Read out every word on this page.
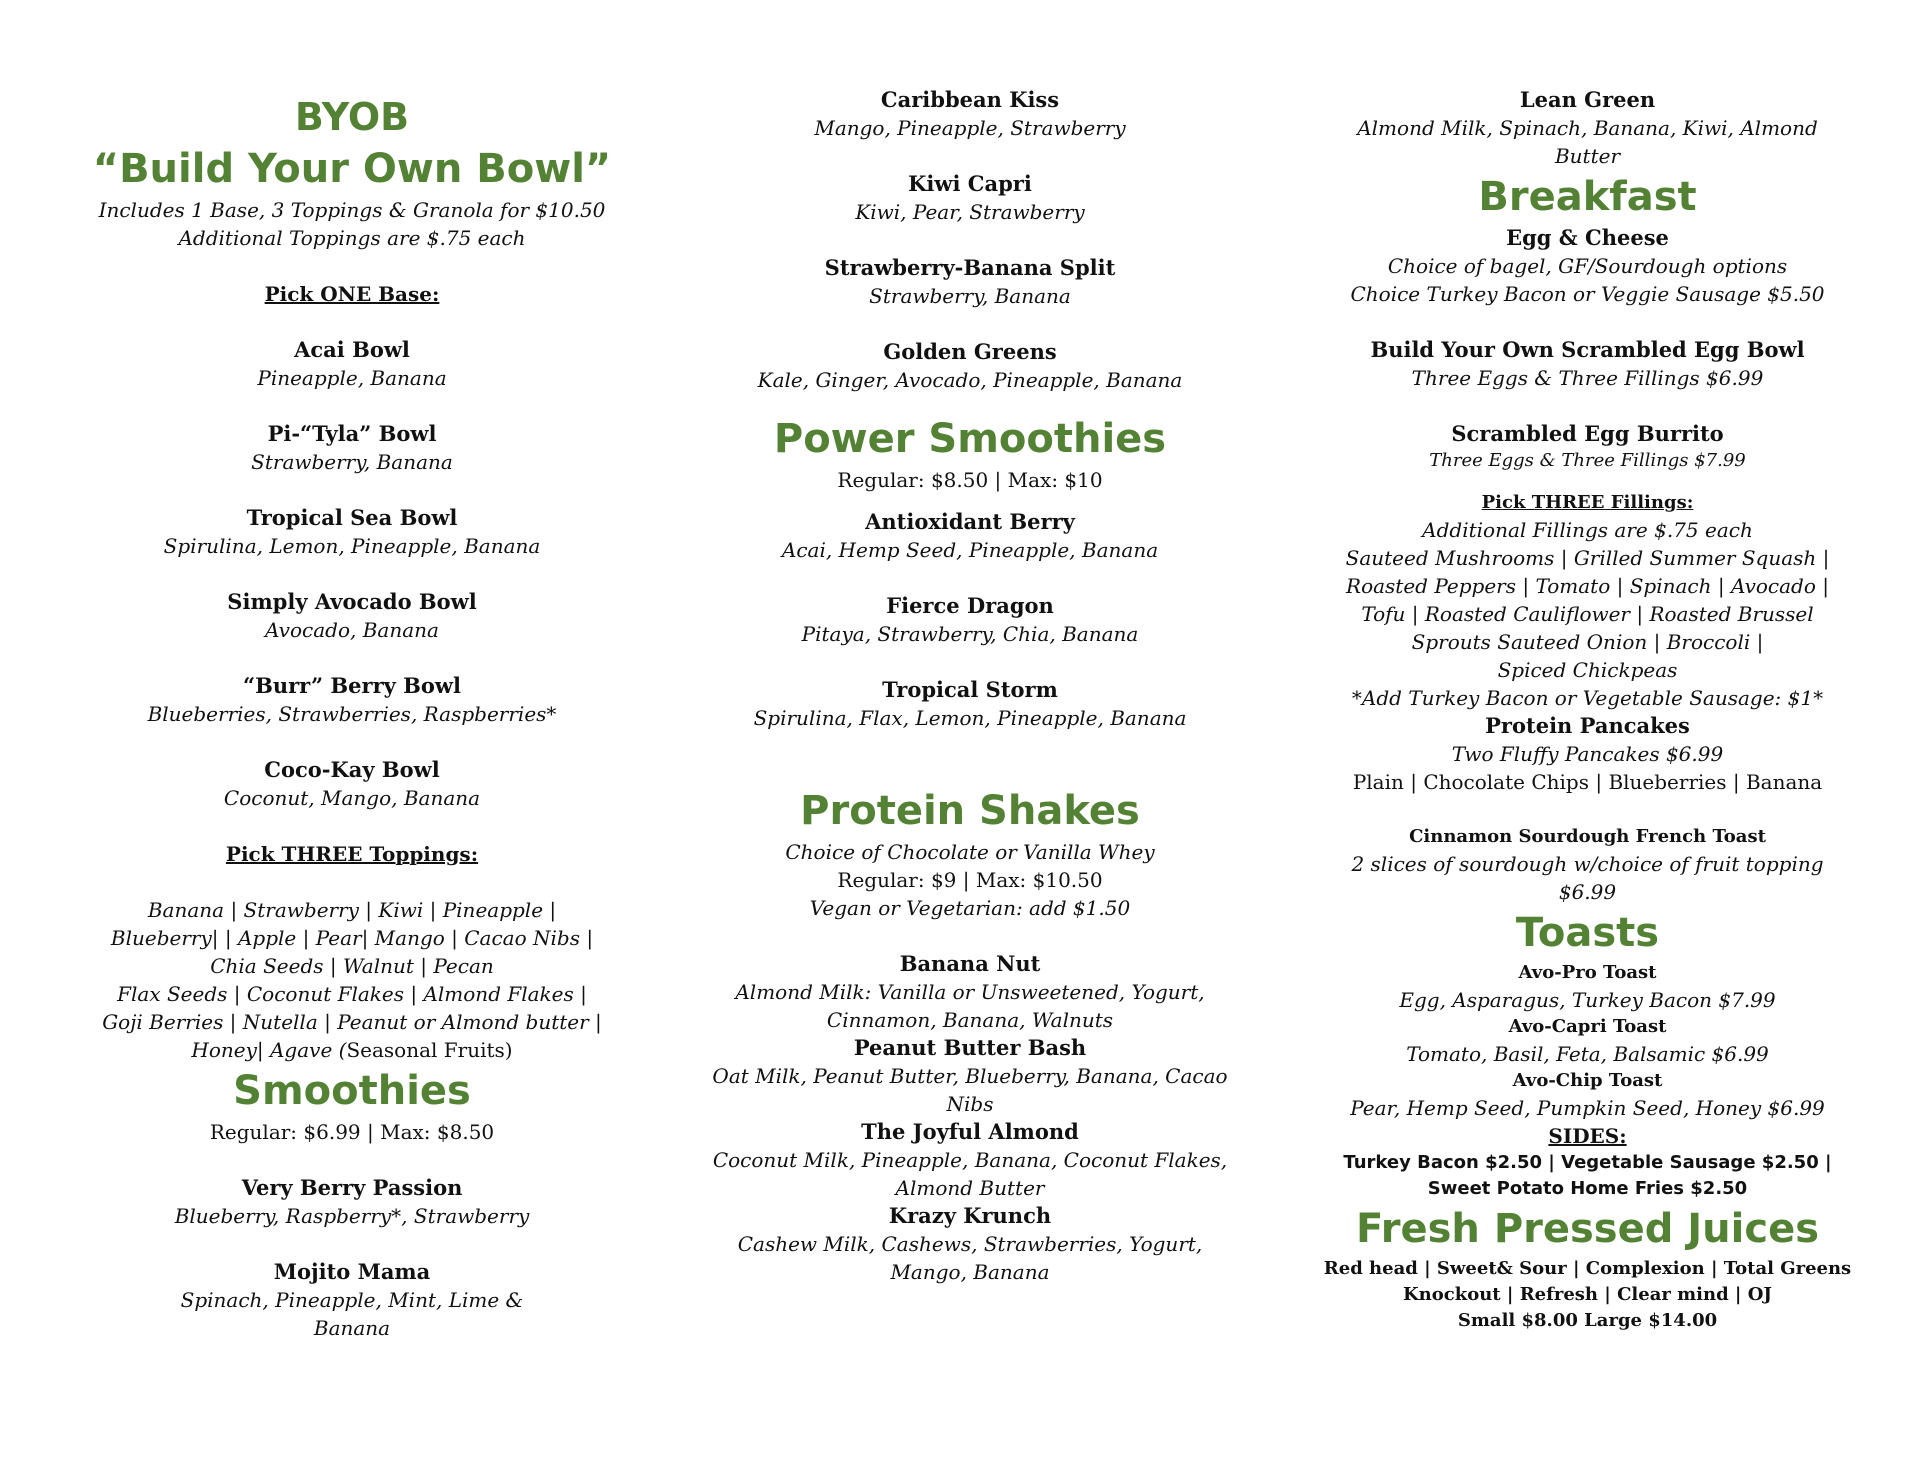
BYOB
“Build Your Own Bowl”
Includes 1 Base, 3 Toppings & Granola for $10.50
Additional Toppings are $.75 each
Pick ONE Base:
Acai Bowl
Pineapple, Banana
Pi-“Tyla” Bowl
Strawberry, Banana
Tropical Sea Bowl
Spirulina, Lemon, Pineapple, Banana
Simply Avocado Bowl
Avocado, Banana
“Burr” Berry Bowl
Blueberries, Strawberries, Raspberries*
Coco-Kay Bowl
Coconut, Mango, Banana
Pick THREE Toppings:
Banana | Strawberry | Kiwi | Pineapple |
Blueberry| | Apple | Pear| Mango | Cacao Nibs |
Chia Seeds | Walnut | Pecan
Flax Seeds | Coconut Flakes | Almond Flakes |
Goji Berries | Nutella | Peanut or Almond butter |
Honey| Agave (Seasonal Fruits)
Smoothies
Regular: $6.99 | Max: $8.50
Very Berry Passion
Blueberry, Raspberry*, Strawberry
Mojito Mama
Spinach, Pineapple, Mint, Lime & Banana
Caribbean Kiss
Mango, Pineapple, Strawberry
Kiwi Capri
Kiwi, Pear, Strawberry
Strawberry-Banana Split
Strawberry, Banana
Golden Greens
Kale, Ginger, Avocado, Pineapple, Banana
Power Smoothies
Regular: $8.50 | Max: $10
Antioxidant Berry
Acai, Hemp Seed, Pineapple, Banana
Fierce Dragon
Pitaya, Strawberry, Chia, Banana
Tropical Storm
Spirulina, Flax, Lemon, Pineapple, Banana
Protein Shakes
Choice of Chocolate or Vanilla Whey
Regular: $9 | Max: $10.50
Vegan or Vegetarian: add $1.50
Banana Nut
Almond Milk: Vanilla or Unsweetened, Yogurt, Cinnamon, Banana, Walnuts
Peanut Butter Bash
Oat Milk, Peanut Butter, Blueberry, Banana, Cacao Nibs
The Joyful Almond
Coconut Milk, Pineapple, Banana, Coconut Flakes, Almond Butter
Krazy Krunch
Cashew Milk, Cashews, Strawberries, Yogurt, Mango, Banana
Lean Green
Almond Milk, Spinach, Banana, Kiwi, Almond Butter
Breakfast
Egg & Cheese
Choice of bagel, GF/Sourdough options
Choice Turkey Bacon or Veggie Sausage $5.50
Build Your Own Scrambled Egg Bowl
Three Eggs & Three Fillings $6.99
Scrambled Egg Burrito
Three Eggs & Three Fillings $7.99
Pick THREE Fillings:
Additional Fillings are $.75 each
Sauteed Mushrooms | Grilled Summer Squash |
Roasted Peppers | Tomato | Spinach | Avocado |
Tofu | Roasted Cauliflower | Roasted Brussel
Sprouts Sauteed Onion | Broccoli |
Spiced Chickpeas
*Add Turkey Bacon or Vegetable Sausage: $1*
Protein Pancakes
Two Fluffy Pancakes $6.99
Plain | Chocolate Chips | Blueberries | Banana
Cinnamon Sourdough French Toast
2 slices of sourdough w/choice of fruit topping $6.99
Toasts
Avo-Pro Toast
Egg, Asparagus, Turkey Bacon $7.99
Avo-Capri Toast
Tomato, Basil, Feta, Balsamic $6.99
Avo-Chip Toast
Pear, Hemp Seed, Pumpkin Seed, Honey $6.99
SIDES:
Turkey Bacon $2.50 | Vegetable Sausage $2.50 |
Sweet Potato Home Fries $2.50
Fresh Pressed Juices
Red head | Sweet& Sour | Complexion | Total Greens
Knockout | Refresh | Clear mind | OJ
Small $8.00 Large $14.00
